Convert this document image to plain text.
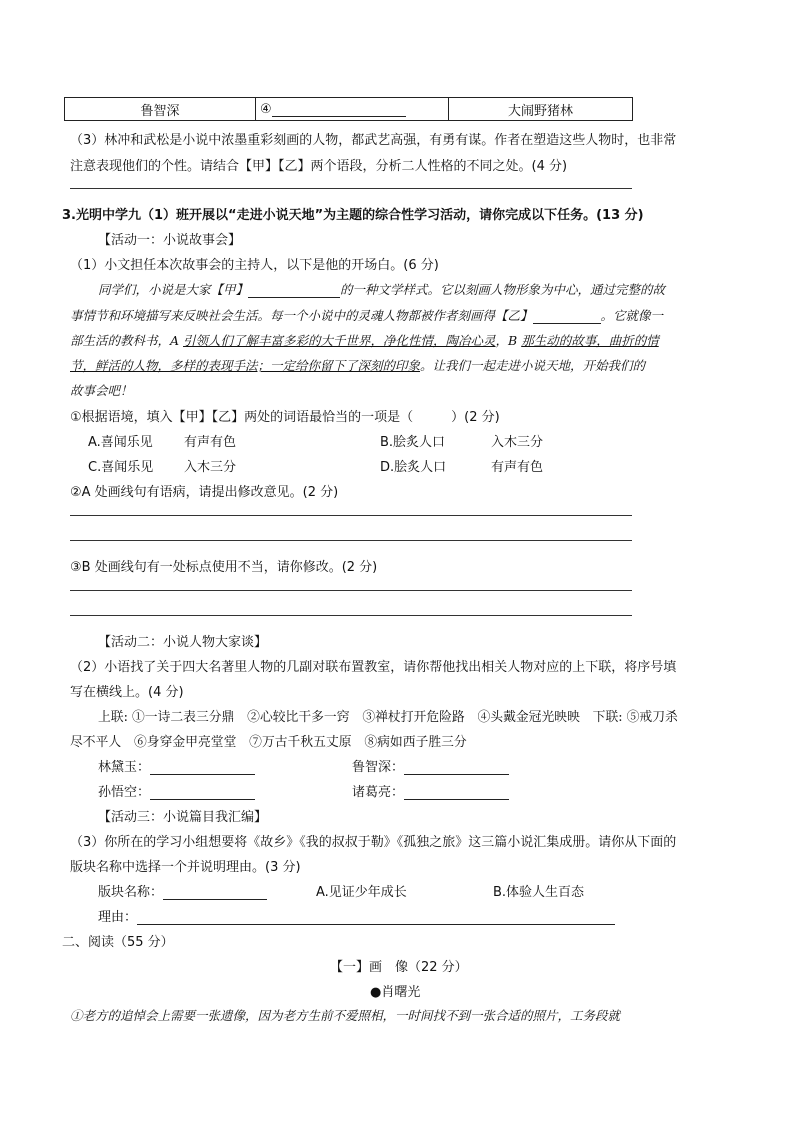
鲁智深	④	大闹野猪林
（3）林冲和武松是小说中浓墨重彩刻画的人物，都武艺高强，有勇有谋。作者在塑造这些人物时，也非常
注意表现他们的个性。请结合【甲】【乙】两个语段，分析二人性格的不同之处。(4 分)
3.光明中学九（1）班开展以“走进小说天地”为主题的综合性学习活动，请你完成以下任务。(13 分)
【活动一：小说故事会】
（1）小文担任本次故事会的主持人，以下是他的开场白。(6 分)
同学们，小说是大家【甲】	的一种文学样式。它以刻画人物形象为中心，通过完整的故
事情节和环境描写来反映社会生活。每一个小说中的灵魂人物都被作者刻画得【乙】	。它就像一
部生活的教科书，A 引领人们了解丰富多彩的大千世界，净化性情，陶冶心灵，B 那生动的故事，曲折的情
节，鲜活的人物，多样的表现手法；一定给你留下了深刻的印象。让我们一起走进小说天地，开始我们的
故事会吧！
①根据语境，填入【甲】【乙】两处的词语最恰当的一项是（	）(2 分)
A.喜闻乐见 有声有色	B.脍炙人口	入木三分
C.喜闻乐见 入木三分	D.脍炙人口	有声有色
②A 处画线句有语病，请提出修改意见。(2 分)
③B 处画线句有一处标点使用不当，请你修改。(2 分)
【活动二：小说人物大家谈】
（2）小语找了关于四大名著里人物的几副对联布置教室，请你帮他找出相关人物对应的上下联，将序号填
写在横线上。(4 分)
上联: ①一诗二表三分鼎　②心较比干多一窍　③禅杖打开危险路　④头戴金冠光映映　下联: ⑤戒刀杀
尽不平人　⑥身穿金甲亮堂堂　⑦万古千秋五丈原　⑧病如西子胜三分
林黛玉：	鲁智深：
孙悟空：	诸葛亮：
【活动三：小说篇目我汇编】
（3）你所在的学习小组想要将《故乡》《我的叔叔于勒》《孤独之旅》这三篇小说汇集成册。请你从下面的
版块名称中选择一个并说明理由。(3 分)
版块名称：	A.见证少年成长	B.体验人生百态
理由：
二、阅读（55 分）
【一】画　像（22 分）
●肖曙光
①老方的追悼会上需要一张遗像，因为老方生前不爱照相，一时间找不到一张合适的照片，工务段就
